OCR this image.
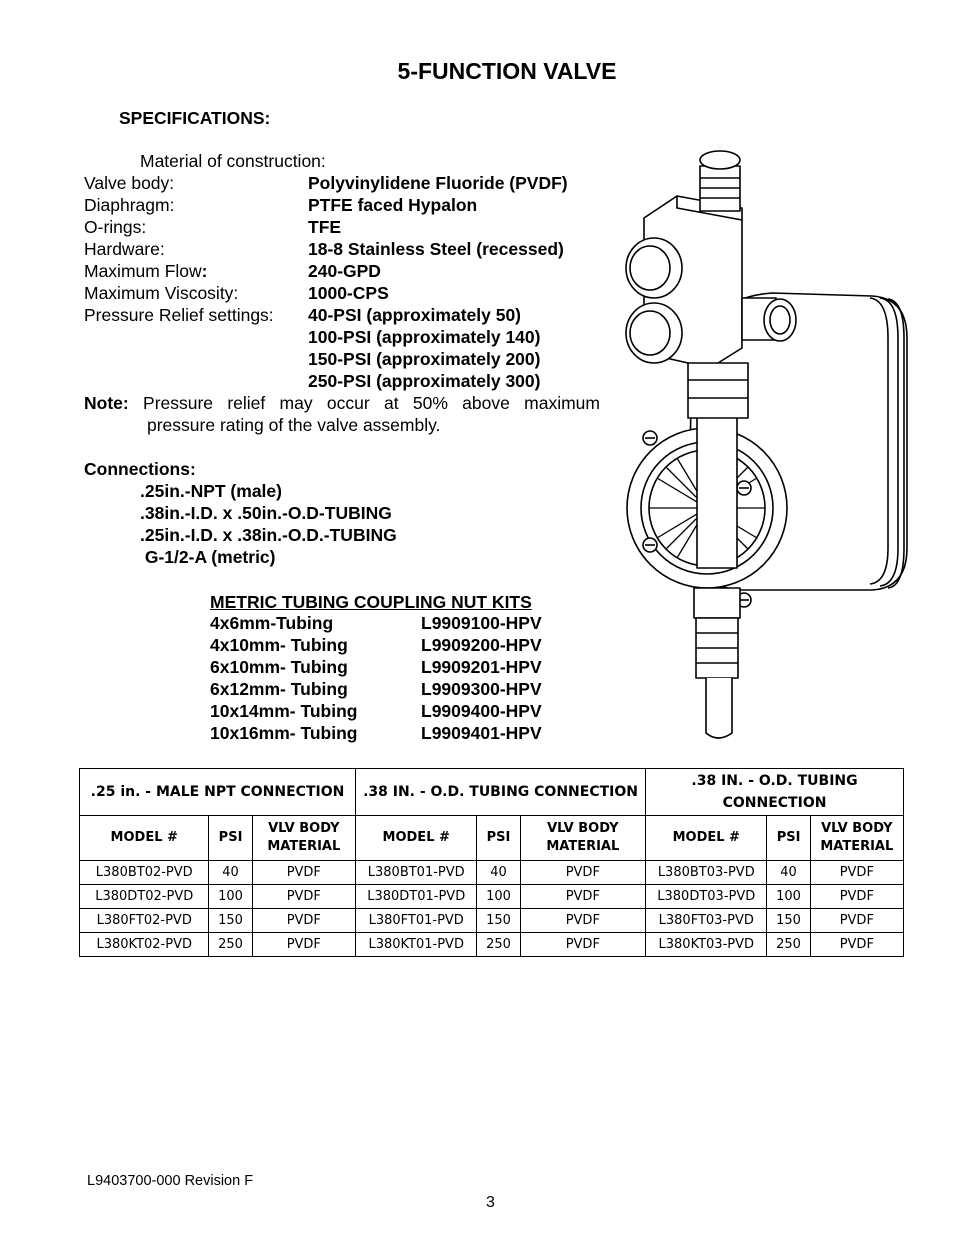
5-FUNCTION VALVE
SPECIFICATIONS:
Material of construction:
Valve body:	Polyvinylidene Fluoride (PVDF)
Diaphragm:	PTFE faced Hypalon
O-rings:	TFE
Hardware:	18-8 Stainless Steel (recessed)
Maximum Flow:	240-GPD
Maximum Viscosity:	1000-CPS
Pressure Relief settings: 40-PSI (approximately 50)
100-PSI (approximately 140)
150-PSI (approximately 200)
250-PSI (approximately 300)
Note: Pressure relief may occur at 50% above maximum
pressure rating of the valve assembly.
Connections:
.25in.-NPT (male)
.38in.-I.D. x .50in.-O.D-TUBING
.25in.-I.D. x .38in.-O.D.-TUBING
G-1/2-A (metric)
METRIC TUBING COUPLING NUT KITS
4x6mm-Tubing	L9909100-HPV
4x10mm- Tubing	L9909200-HPV
6x10mm- Tubing	L9909201-HPV
6x12mm- Tubing	L9909300-HPV
10x14mm- Tubing	L9909400-HPV
10x16mm- Tubing	L9909401-HPV
.25 in. - MALE NPT CONNECTION			.38 IN. - O.D. TUBING CONNECTION			.38 IN. - O.D. TUBING CONNECTION		
MODEL #	PSI	VLV BODY MATERIAL	MODEL #	PSI	VLV BODY MATERIAL	MODEL #	PSI	VLV BODY MATERIAL
L380BT02-PVD	40	PVDF	L380BT01-PVD	40	PVDF	L380BT03-PVD	40	PVDF
L380DT02-PVD	100	PVDF	L380DT01-PVD	100	PVDF	L380DT03-PVD	100	PVDF
L380FT02-PVD	150	PVDF	L380FT01-PVD	150	PVDF	L380FT03-PVD	150	PVDF
L380KT02-PVD	250	PVDF	L380KT01-PVD	250	PVDF	L380KT03-PVD	250	PVDF
L9403700-000 Revision F
3
